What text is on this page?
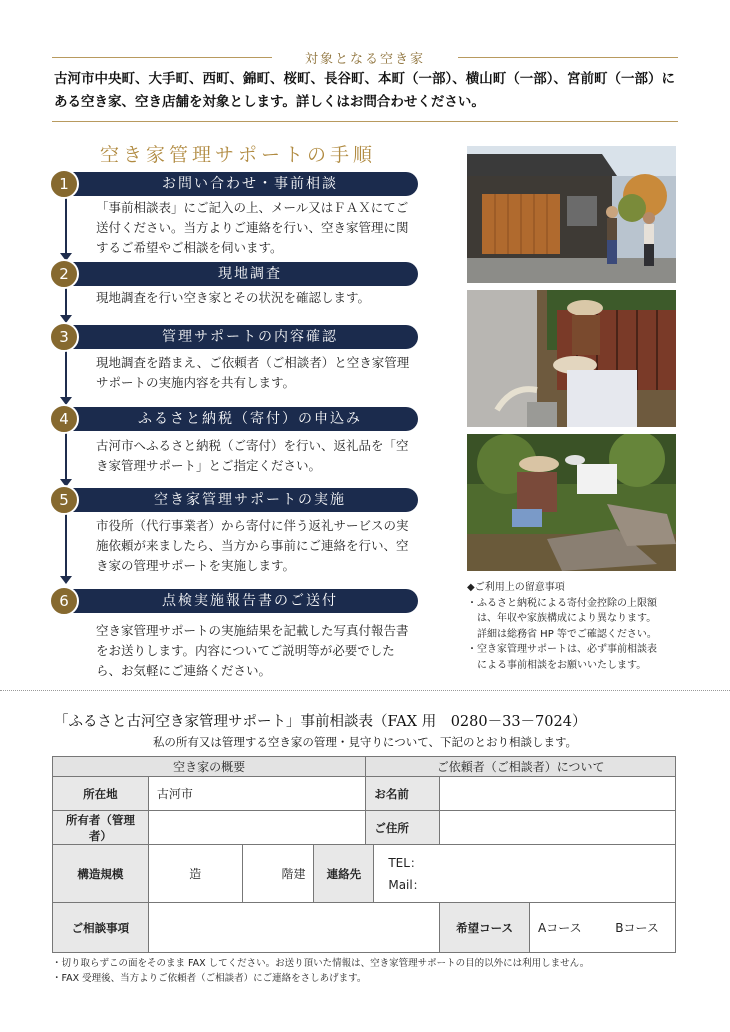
対象となる空き家
古河市中央町、大手町、西町、錦町、桜町、長谷町、本町（一部）、横山町（一部）、宮前町（一部）にある空き家、空き店舗を対象とします。詳しくはお問合わせください。
空き家管理サポートの手順
お問い合わせ・事前相談
1
「事前相談表」にご記入の上、メール又はＦＡＸにてご送付ください。当方よりご連絡を行い、空き家管理に関するご希望やご相談を伺います。
現地調査
2
現地調査を行い空き家とその状況を確認します。
管理サポートの内容確認
3
現地調査を踏まえ、ご依頼者（ご相談者）と空き家管理サポートの実施内容を共有します。
ふるさと納税（寄付）の申込み
4
古河市へふるさと納税（ご寄付）を行い、返礼品を「空き家管理サポート」とご指定ください。
空き家管理サポートの実施
5
市役所（代行事業者）から寄付に伴う返礼サービスの実施依頼が来ましたら、当方から事前にご連絡を行い、空き家の管理サポートを実施します。
点検実施報告書のご送付
6
空き家管理サポートの実施結果を記載した写真付報告書をお送りします。内容についてご説明等が必要でしたら、お気軽にご連絡ください。
◆ご利用上の留意事項
・ふるさと納税による寄付金控除の上限額
は、年収や家族構成により異なります。
詳細は総務省 HP 等でご確認ください。
・空き家管理サポートは、必ず事前相談表
による事前相談をお願いいたします。
「ふるさと古河空き家管理サポート」事前相談表（FAX 用　0280－33－7024）
私の所有又は管理する空き家の管理・見守りについて、下記のとおり相談します。
空き家の概要				ご依頼者（ご相談者）について			
所在地	古河市			お名前			
所有者（管理者）				ご住所			
構造規模	造	階建	連絡先		TEL：
Mail：		

ご相談事項						希望コース	Aコース Bコース
・切り取らずこの面をそのまま FAX してください。お送り頂いた情報は、空き家管理サポートの目的以外には利用しません。
・FAX 受理後、当方よりご依頼者（ご相談者）にご連絡をさしあげます。
